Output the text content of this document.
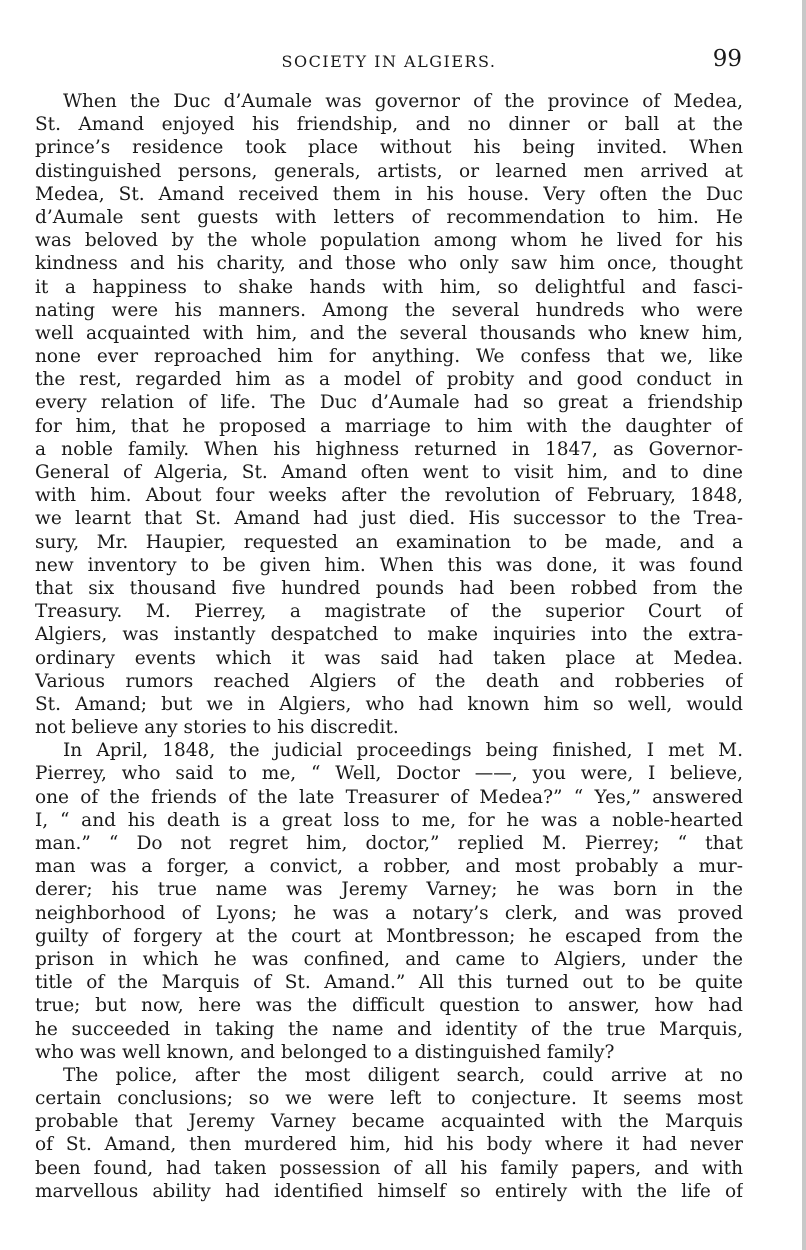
SOCIETY IN ALGIERS.	99
When the Duc d’Aumale was governor of the province of Medea,
St. Amand enjoyed his friendship, and no dinner or ball at the
prince’s residence took place without his being invited. When
distinguished persons, generals, artists, or learned men arrived at
Medea, St. Amand received them in his house. Very often the Duc
d’Aumale sent guests with letters of recommendation to him. He
was beloved by the whole population among whom he lived for his
kindness and his charity, and those who only saw him once, thought
it a happiness to shake hands with him, so delightful and fasci-
nating were his manners. Among the several hundreds who were
well acquainted with him, and the several thousands who knew him,
none ever reproached him for anything. We confess that we, like
the rest, regarded him as a model of probity and good conduct in
every relation of life. The Duc d’Aumale had so great a friendship
for him, that he proposed a marriage to him with the daughter of
a noble family. When his highness returned in 1847, as Governor-
General of Algeria, St. Amand often went to visit him, and to dine
with him. About four weeks after the revolution of February, 1848,
we learnt that St. Amand had just died. His successor to the Trea-
sury, Mr. Haupier, requested an examination to be made, and a
new inventory to be given him. When this was done, it was found
that six thousand five hundred pounds had been robbed from the
Treasury. M. Pierrey, a magistrate of the superior Court of
Algiers, was instantly despatched to make inquiries into the extra-
ordinary events which it was said had taken place at Medea.
Various rumors reached Algiers of the death and robberies of
St. Amand; but we in Algiers, who had known him so well, would
not believe any stories to his discredit.
In April, 1848, the judicial proceedings being finished, I met M.
Pierrey, who said to me, “ Well, Doctor ——, you were, I believe,
one of the friends of the late Treasurer of Medea?” “ Yes,” answered
I, “ and his death is a great loss to me, for he was a noble-hearted
man.” “ Do not regret him, doctor,” replied M. Pierrey; “ that
man was a forger, a convict, a robber, and most probably a mur-
derer; his true name was Jeremy Varney; he was born in the
neighborhood of Lyons; he was a notary’s clerk, and was proved
guilty of forgery at the court at Montbresson; he escaped from the
prison in which he was confined, and came to Algiers, under the
title of the Marquis of St. Amand.” All this turned out to be quite
true; but now, here was the difficult question to answer, how had
he succeeded in taking the name and identity of the true Marquis,
who was well known, and belonged to a distinguished family?
The police, after the most diligent search, could arrive at no
certain conclusions; so we were left to conjecture. It seems most
probable that Jeremy Varney became acquainted with the Marquis
of St. Amand, then murdered him, hid his body where it had never
been found, had taken possession of all his family papers, and with
marvellous ability had identified himself so entirely with the life of
